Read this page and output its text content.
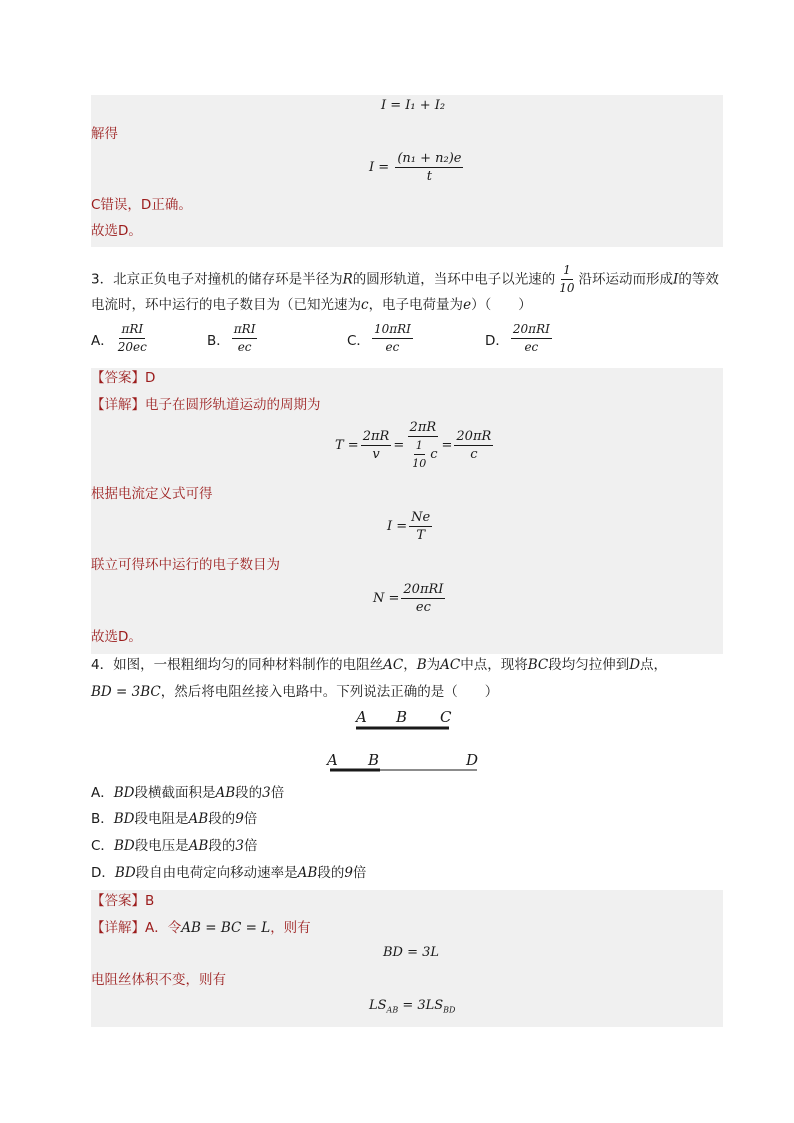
I = I₁ + I₂
解得
$I = \frac{\text{(n₁ + n₂)e}}{t}$
C错误，D正确。
故选D。
3．北京正负电子对撞机的储存环是半径为R的圆形轨道，当环中电子以光速的 $\frac{1}{10}$ 沿环运动而形成I的等效
电流时，环中运行的电子数目为（已知光速为c，电子电荷量为e）（　　）
A． $\frac{\text{πRI}}{20ec}$	B． $\frac{\text{πRI}}{ec}$	C． $\frac{\text{10πRI}}{ec}$	D． $\frac{\text{20πRI}}{ec}$
【答案】D
【详解】电子在圆形轨道运动的周期为
$T = \frac{2\pi R}{v} = \frac{2\pi R}{\frac{1}{10} c} = \frac{20\pi R}{c}$
根据电流定义式可得
$I = \frac{Ne}{T}$
联立可得环中运行的电子数目为
$N = \frac{\text{20πRI}}{ec}$
故选D。
4．如图，一根粗细均匀的同种材料制作的电阻丝AC，B为AC中点，现将BC段均匀拉伸到D点，
BD = 3BC，然后将电阻丝接入电路中。下列说法正确的是（　　）
A B C
A B	D
A．BD段横截面积是AB段的3倍
B．BD段电阻是AB段的9倍
C．BD段电压是AB段的3倍
D．BD段自由电荷定向移动速率是AB段的9倍
【答案】B
【详解】A．令AB = BC = L，则有
BD = 3L
电阻丝体积不变，则有
$LS_{AB} = 3LS_{BD}$
